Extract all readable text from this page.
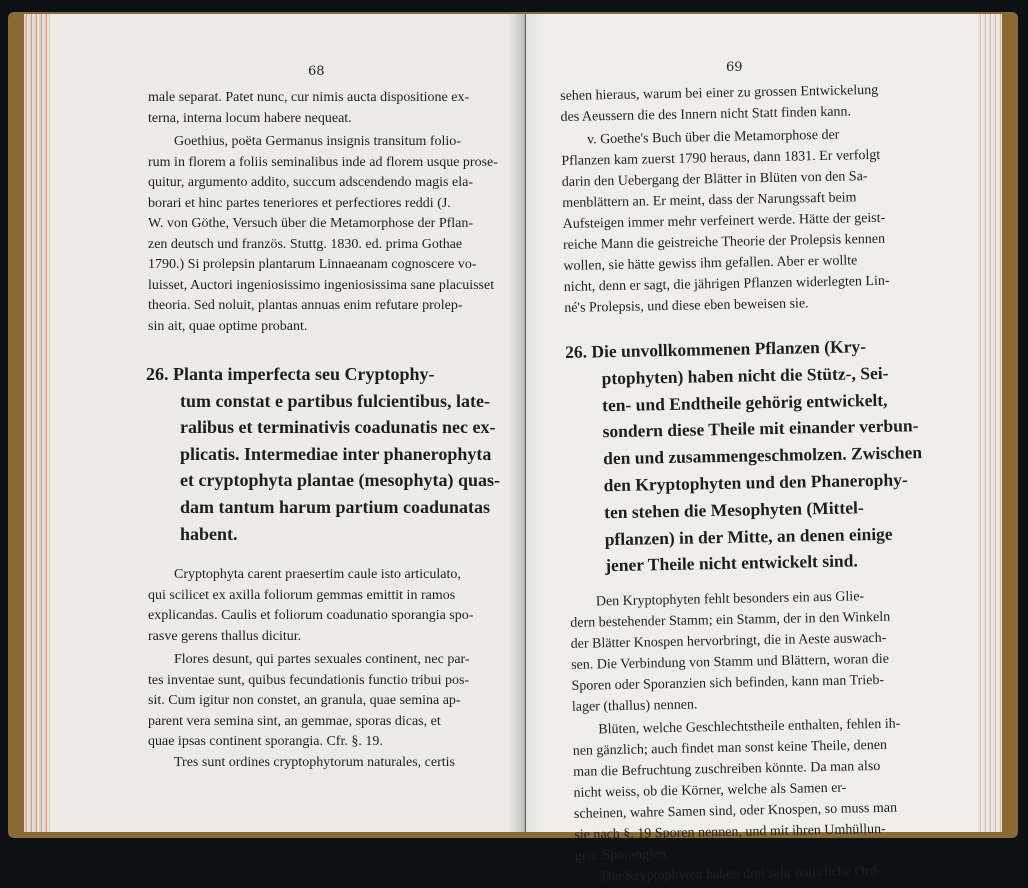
68
male separat. Patet nunc, cur nimis aucta dispositione ex-
terna, interna locum habere nequeat.
Goethius, poëta Germanus insignis transitum folio-
rum in florem a foliis seminalibus inde ad florem usque prose-
quitur, argumento addito, succum adscendendo magis ela-
borari et hinc partes teneriores et perfectiores reddi (J.
W. von Göthe, Versuch über die Metamorphose der Pflan-
zen deutsch und französ. Stuttg. 1830. ed. prima Gothae
1790.) Si prolepsin plantarum Linnaeanam cognoscere vo-
luisset, Auctori ingeniosissimo ingeniosissima sane placuisset
theoria. Sed noluit, plantas annuas enim refutare prolep-
sin ait, quae optime probant.
26. Planta imperfecta seu Cryptophy-
tum constat e partibus fulcientibus, late-
ralibus et terminativis coadunatis nec ex-
plicatis. Intermediae inter phanerophyta
et cryptophyta plantae (mesophyta) quas-
dam tantum harum partium coadunatas
habent.
Cryptophyta carent praesertim caule isto articulato,
qui scilicet ex axilla foliorum gemmas emittit in ramos
explicandas. Caulis et foliorum coadunatio sporangia spo-
rasve gerens thallus dicitur.
Flores desunt, qui partes sexuales continent, nec par-
tes inventae sunt, quibus fecundationis functio tribui pos-
sit. Cum igitur non constet, an granula, quae semina ap-
parent vera semina sint, an gemmae, sporas dicas, et
quae ipsas continent sporangia. Cfr. §. 19.
Tres sunt ordines cryptophytorum naturales, certis
69
sehen hieraus, warum bei einer zu grossen Entwickelung
des Aeussern die des Innern nicht Statt finden kann.
v. Goethe's Buch über die Metamorphose der
Pflanzen kam zuerst 1790 heraus, dann 1831. Er verfolgt
darin den Uebergang der Blätter in Blüten von den Sa-
menblättern an. Er meint, dass der Narungssaft beim
Aufsteigen immer mehr verfeinert werde. Hätte der geist-
reiche Mann die geistreiche Theorie der Prolepsis kennen
wollen, sie hätte gewiss ihm gefallen. Aber er wollte
nicht, denn er sagt, die jährigen Pflanzen widerlegten Lin-
né's Prolepsis, und diese eben beweisen sie.
26. Die unvollkommenen Pflanzen (Kry-
ptophyten) haben nicht die Stütz-, Sei-
ten- und Endtheile gehörig entwickelt,
sondern diese Theile mit einander verbun-
den und zusammengeschmolzen. Zwischen
den Kryptophyten und den Phanerophy-
ten stehen die Mesophyten (Mittel-
pflanzen) in der Mitte, an denen einige
jener Theile nicht entwickelt sind.
Den Kryptophyten fehlt besonders ein aus Glie-
dern bestehender Stamm; ein Stamm, der in den Winkeln
der Blätter Knospen hervorbringt, die in Aeste auswach-
sen. Die Verbindung von Stamm und Blättern, woran die
Sporen oder Sporanzien sich befinden, kann man Trieb-
lager (thallus) nennen.
Blüten, welche Geschlechtstheile enthalten, fehlen ih-
nen gänzlich; auch findet man sonst keine Theile, denen
man die Befruchtung zuschreiben könnte. Da man also
nicht weiss, ob die Körner, welche als Samen er-
scheinen, wahre Samen sind, oder Knospen, so muss man
sie nach §. 19 Sporen nennen, und mit ihren Umhüllun-
gen: Sporangien.
Die Kryptophyten haben drei sehr natürliche Ord-
